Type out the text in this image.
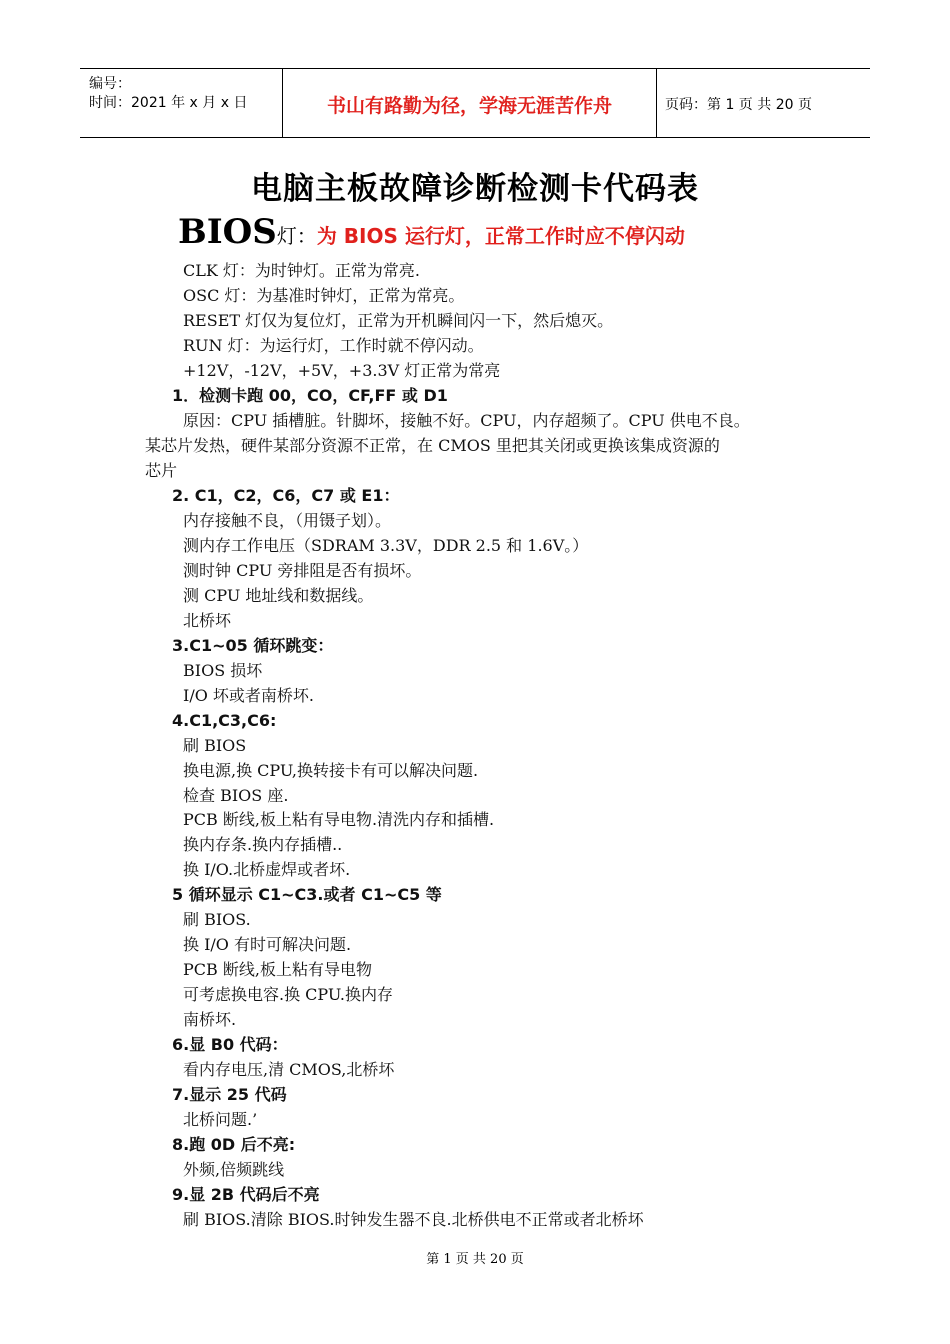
编号：
时间：2021 年 x 月 x 日	书山有路勤为径，学海无涯苦作舟	页码：第 1 页 共 20 页
电脑主板故障诊断检测卡代码表
BIOS灯：为 BIOS 运行灯，正常工作时应不停闪动
CLK 灯：为时钟灯。正常为常亮.
OSC 灯：为基准时钟灯，正常为常亮。
RESET 灯仅为复位灯，正常为开机瞬间闪一下，然后熄灭。
RUN 灯：为运行灯，工作时就不停闪动。
+12V，-12V，+5V，+3.3V 灯正常为常亮
1．检测卡跑 00，CO，CF,FF 或 D1
原因：CPU 插槽脏。针脚坏，接触不好。CPU，内存超频了。CPU 供电不良。
某芯片发热，硬件某部分资源不正常，在 CMOS 里把其关闭或更换该集成资源的
芯片
2. C1，C2，C6，C7 或 E1：
内存接触不良，（用镊子划）。
测内存工作电压（SDRAM 3.3V，DDR 2.5 和 1.6V。）
测时钟 CPU 旁排阻是否有损坏。
测 CPU 地址线和数据线。
北桥坏
3.C1~05 循环跳变：
BIOS 损坏
I/O 坏或者南桥坏.
4.C1,C3,C6:
刷 BIOS
换电源,换 CPU,换转接卡有可以解决问题.
检查 BIOS 座.
PCB 断线,板上粘有导电物.清洗内存和插槽.
换内存条.换内存插槽..
换 I/O.北桥虚焊或者坏.
5 循环显示 C1~C3.或者 C1~C5 等
刷 BIOS.
换 I/O 有时可解决问题.
PCB 断线,板上粘有导电物
可考虑换电容.换 CPU.换内存
南桥坏.
6.显 B0 代码：
看内存电压,清 CMOS,北桥坏
7.显示 25 代码
北桥问题.’
8.跑 0D 后不亮:
外频,倍频跳线
9.显 2B 代码后不亮
刷 BIOS.清除 BIOS.时钟发生器不良.北桥供电不正常或者北桥坏
第 1 页 共 20 页
